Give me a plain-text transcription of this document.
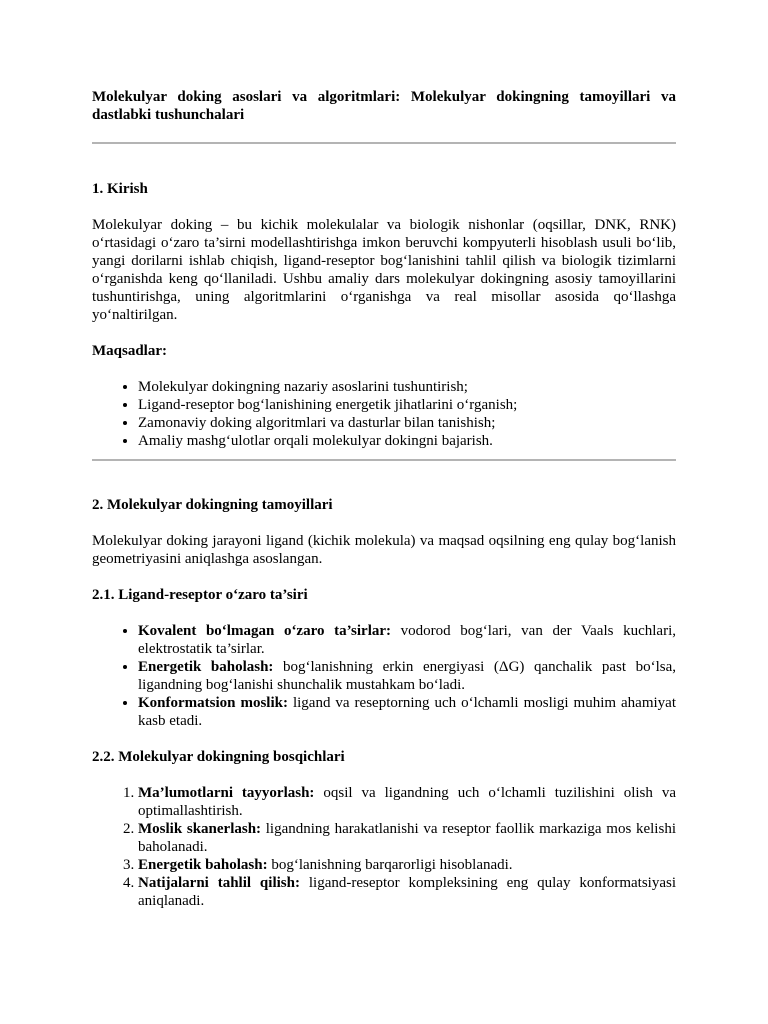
Molekulyar doking asoslari va algoritmlari: Molekulyar dokingning tamoyillari va dastlabki tushunchalari

1. Kirish

Molekulyar doking – bu kichik molekulalar va biologik nishonlar (oqsillar, DNK, RNK) o‘rtasidagi o‘zaro ta’sirni modellashtirishga imkon beruvchi kompyuterli hisoblash usuli bo‘lib, yangi dorilarni ishlab chiqish, ligand-reseptor bog‘lanishini tahlil qilish va biologik tizimlarni o‘rganishda keng qo‘llaniladi. Ushbu amaliy dars molekulyar dokingning asosiy tamoyillarini tushuntirishga, uning algoritmlarini o‘rganishga va real misollar asosida qo‘llashga yo‘naltirilgan.

Maqsadlar:

• Molekulyar dokingning nazariy asoslarini tushuntirish;
• Ligand-reseptor bog‘lanishining energetik jihatlarini o‘rganish;
• Zamonaviy doking algoritmlari va dasturlar bilan tanishish;
• Amaliy mashg‘ulotlar orqali molekulyar dokingni bajarish.
2. Molekulyar dokingning tamoyillari

Molekulyar doking jarayoni ligand (kichik molekula) va maqsad oqsilning eng qulay bog‘lanish geometriyasini aniqlashga asoslangan.

2.1. Ligand-reseptor o‘zaro ta’siri
• Kovalent bo‘lmagan o‘zaro ta’sirlar: vodorod bog‘lari, van der Vaals kuchlari, elektrostatik ta’sirlar.
• Energetik baholash: bog‘lanishning erkin energiyasi (ΔG) qanchalik past bo‘lsa, ligandning bog‘lanishi shunchalik mustahkam bo‘ladi.
• Konformatsion moslik: ligand va reseptorning uch o‘lchamli mosligi muhim ahamiyat kasb etadi.
2.2. Molekulyar dokingning bosqichlari
1. Ma’lumotlarni tayyorlash: oqsil va ligandning uch o‘lchamli tuzilishini olish va optimallashtirish.
2. Moslik skanerlash: ligandning harakatlanishi va reseptor faollik markaziga mos kelishi baholanadi.
3. Energetik baholash: bog‘lanishning barqarorligi hisoblanadi.
4. Natijalarni tahlil qilish: ligand-reseptor kompleksining eng qulay konformatsiyasi aniqlanadi.
